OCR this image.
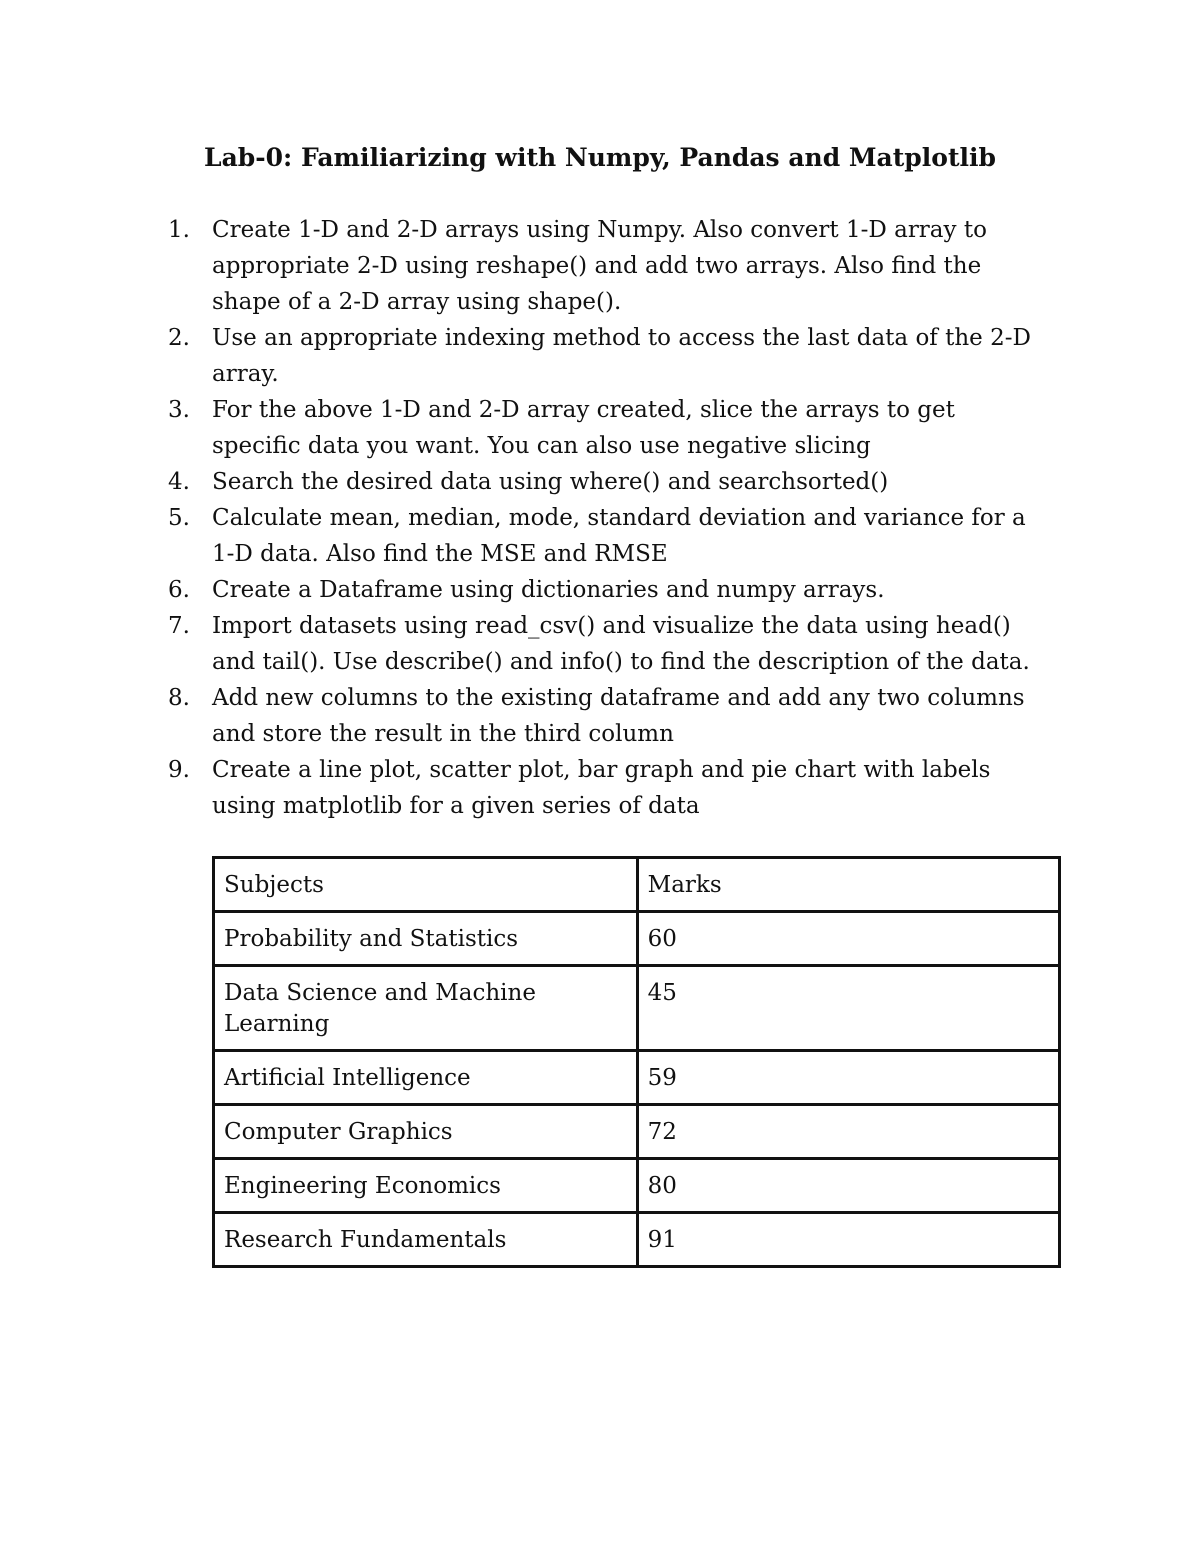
Lab-0: Familiarizing with Numpy, Pandas and Matplotlib
1. Create 1-D and 2-D arrays using Numpy. Also convert 1-D array to
appropriate 2-D using reshape() and add two arrays. Also find the
shape of a 2-D array using shape().
2. Use an appropriate indexing method to access the last data of the 2-D
array.
3. For the above 1-D and 2-D array created, slice the arrays to get
specific data you want. You can also use negative slicing
4. Search the desired data using where() and searchsorted()
5. Calculate mean, median, mode, standard deviation and variance for a
1-D data. Also find the MSE and RMSE
6. Create a Dataframe using dictionaries and numpy arrays.
7. Import datasets using read_csv() and visualize the data using head()
and tail(). Use describe() and info() to find the description of the data.
8. Add new columns to the existing dataframe and add any two columns
and store the result in the third column
9. Create a line plot, scatter plot, bar graph and pie chart with labels
using matplotlib for a given series of data
Subjects	Marks
Probability and Statistics	60
Data Science and Machine
Learning	45
Artificial Intelligence	59
Computer Graphics	72
Engineering Economics	80
Research Fundamentals	91
